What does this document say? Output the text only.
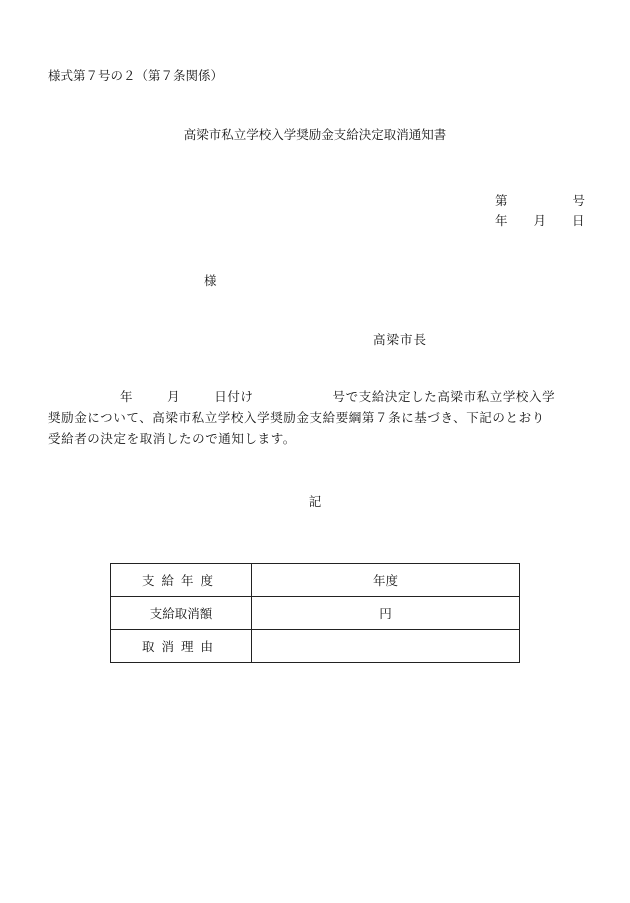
様式第７号の２（第７条関係）
高梁市私立学校入学奨励金支給決定取消通知書
第	号
年 月 日
様
高梁市長
年	月	日付け	号で支給決定した高梁市私立学校入学
奨励金について、高梁市私立学校入学奨励金支給要綱第７条に基づき、下記のとおり
受給者の決定を取消したので通知します。
記
支給年度	年度
支給取消額	円
取消理由	
